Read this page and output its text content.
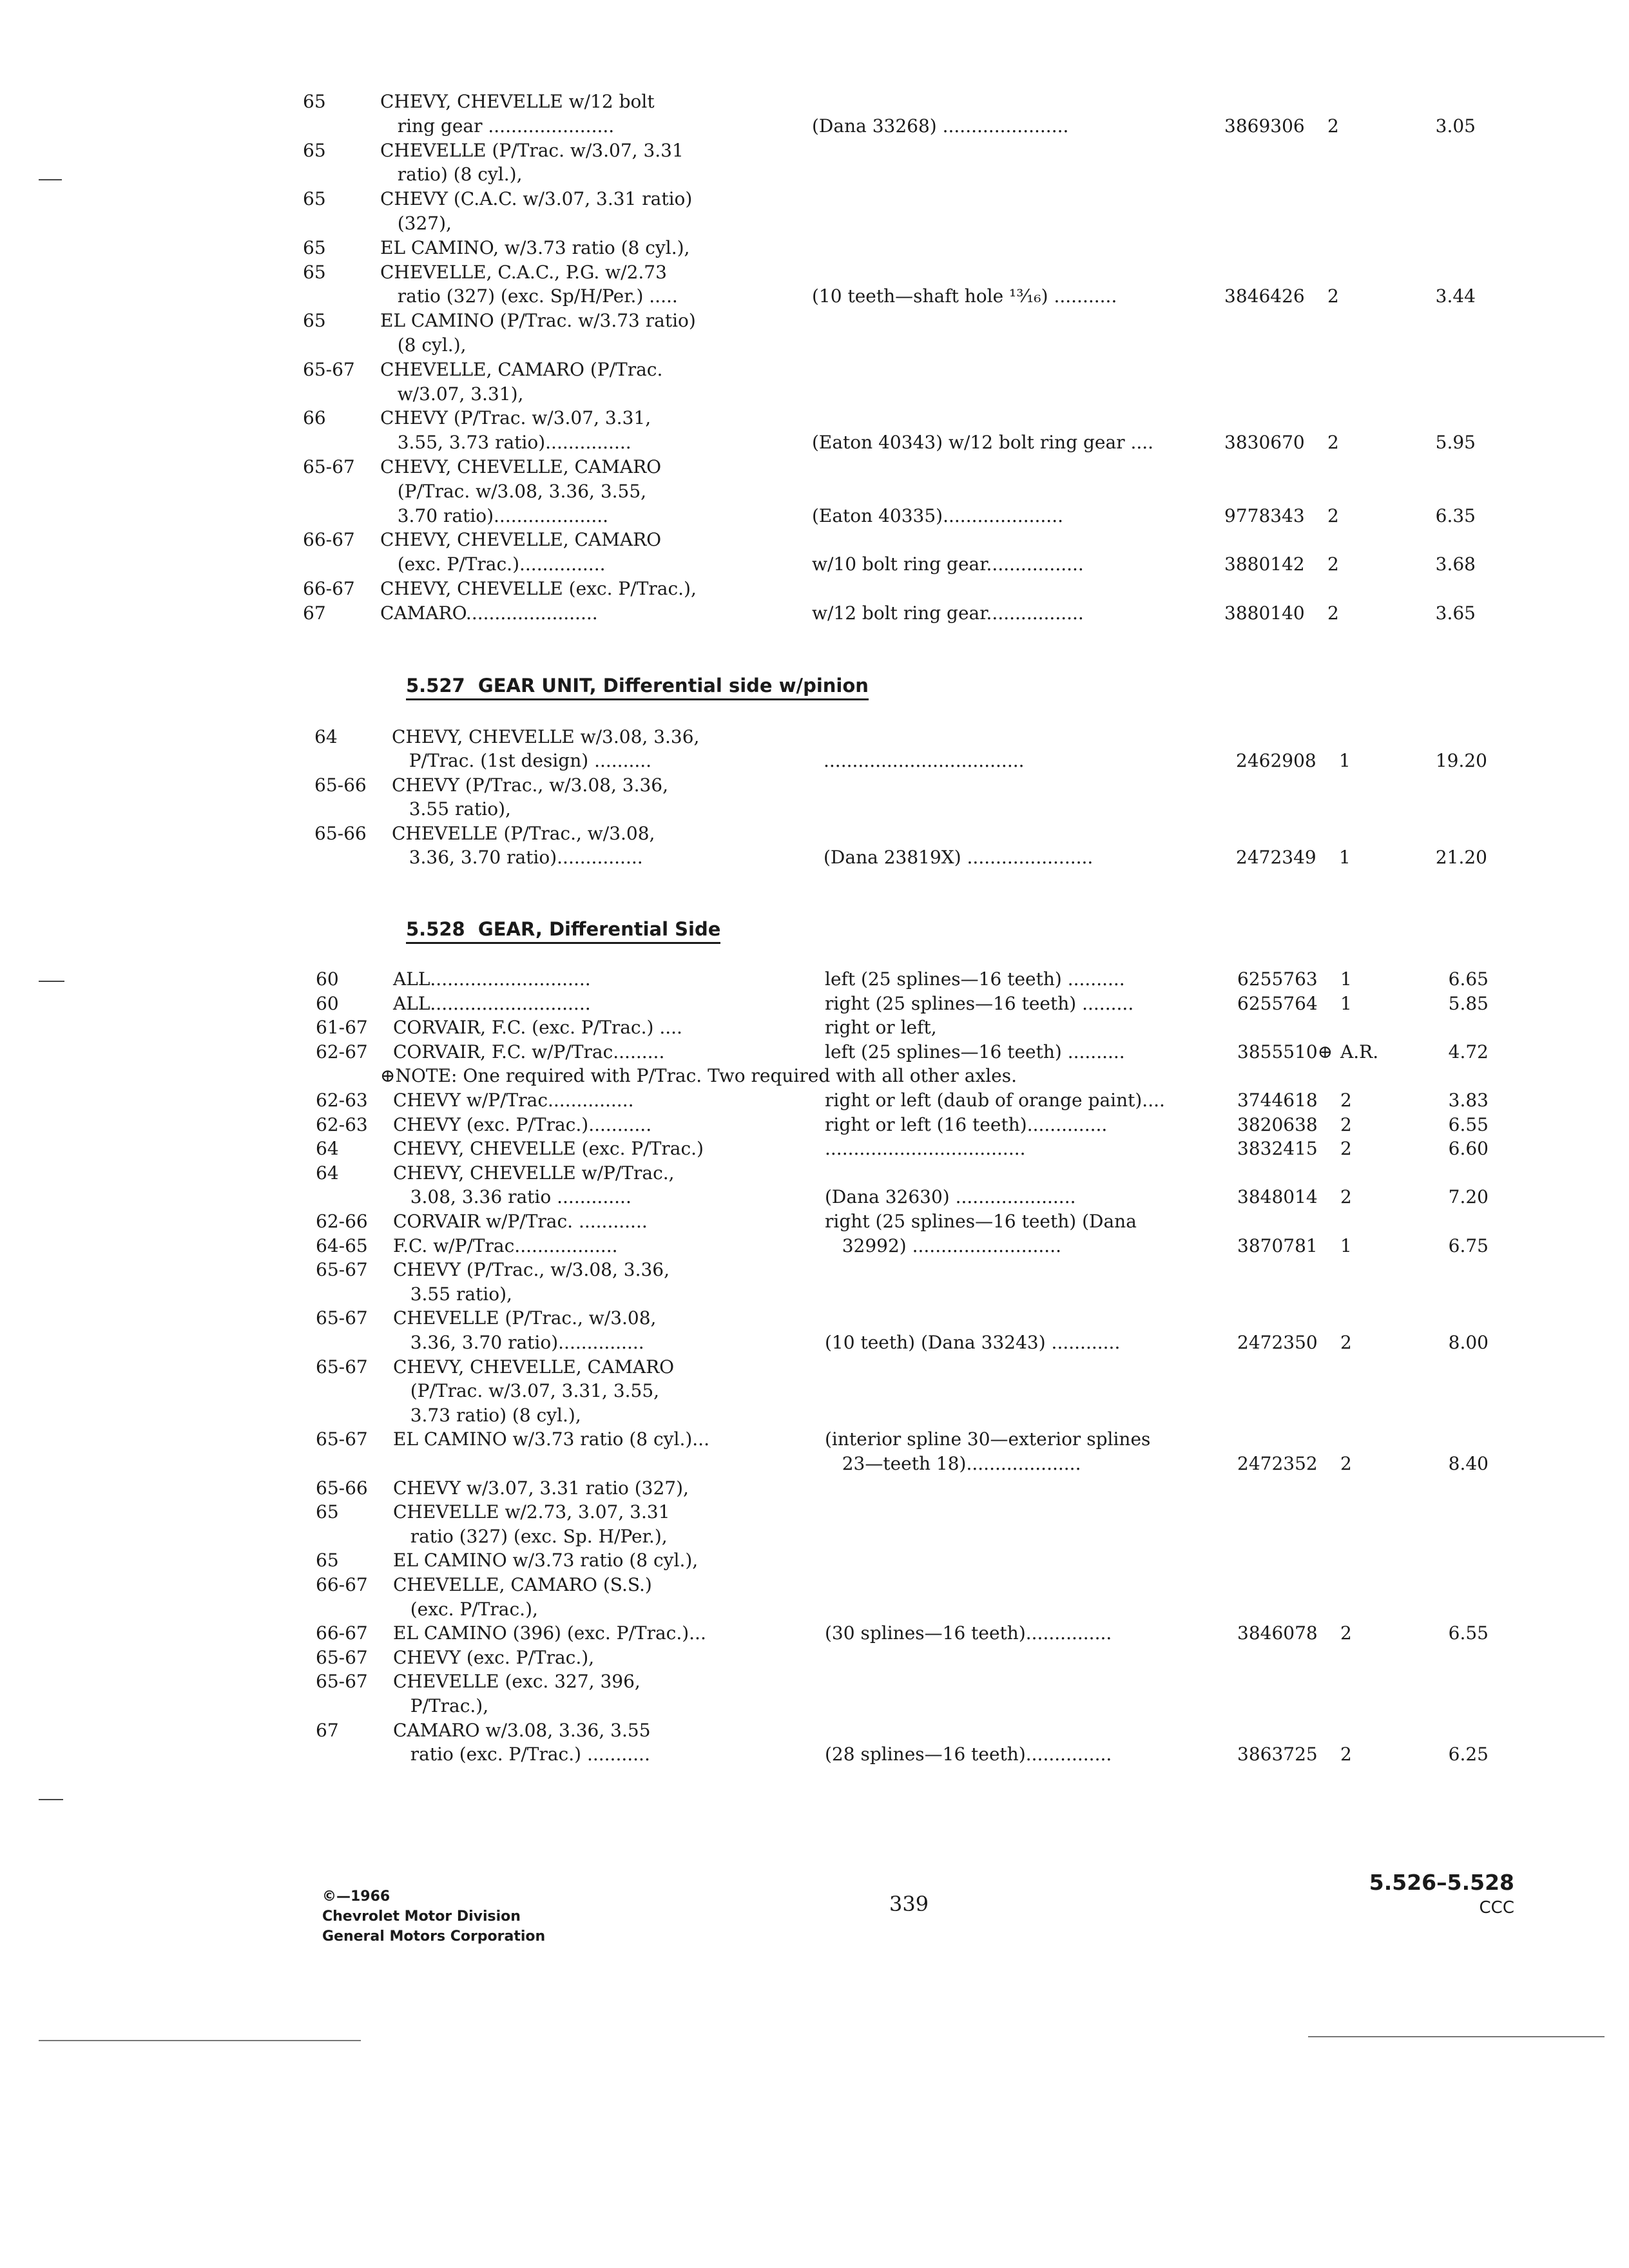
65	CHEVY, CHEVELLE w/12 bolt
ring gear ......................	(Dana 33268) ......................	3869306 2	3.05
65	CHEVELLE (P/Trac. w/3.07, 3.31
ratio) (8 cyl.),
65	CHEVY (C.A.C. w/3.07, 3.31 ratio)
(327),
65	EL CAMINO, w/3.73 ratio (8 cyl.),
65	CHEVELLE, C.A.C., P.G. w/2.73
ratio (327) (exc. Sp/H/Per.) .....	(10 teeth—shaft hole ¹³⁄₁₆) ...........	3846426 2	3.44
65	EL CAMINO (P/Trac. w/3.73 ratio)
(8 cyl.),
65-67	CHEVELLE, CAMARO (P/Trac.
w/3.07, 3.31),
66	CHEVY (P/Trac. w/3.07, 3.31,
3.55, 3.73 ratio)...............	(Eaton 40343) w/12 bolt ring gear ....	3830670 2	5.95
65-67	CHEVY, CHEVELLE, CAMARO
(P/Trac. w/3.08, 3.36, 3.55,
3.70 ratio)....................	(Eaton 40335).....................	9778343 2	6.35
66-67	CHEVY, CHEVELLE, CAMARO
(exc. P/Trac.)...............	w/10 bolt ring gear.................	3880142 2	3.68
66-67	CHEVY, CHEVELLE (exc. P/Trac.),
67	CAMARO.......................	w/12 bolt ring gear.................	3880140 2	3.65
5.527  GEAR UNIT, Differential side w/pinion
64	CHEVY, CHEVELLE w/3.08, 3.36,
P/Trac. (1st design) ..........	...................................	2462908 1	19.20
65-66	CHEVY (P/Trac., w/3.08, 3.36,
3.55 ratio),
65-66	CHEVELLE (P/Trac., w/3.08,
3.36, 3.70 ratio)...............	(Dana 23819X) ......................	2472349 1	21.20
5.528  GEAR, Differential Side
60	ALL............................	left (25 splines—16 teeth) ..........	6255763 1	6.65
60	ALL............................	right (25 splines—16 teeth) .........	6255764 1	5.85
61-67	CORVAIR, F.C. (exc. P/Trac.) ....	right or left,
62-67	CORVAIR, F.C. w/P/Trac.........	left (25 splines—16 teeth) ..........	3855510⊕ A.R.	4.72
⊕NOTE: One required with P/Trac. Two required with all other axles.
62-63	CHEVY w/P/Trac...............	right or left (daub of orange paint)....	3744618 2	3.83
62-63	CHEVY (exc. P/Trac.)...........	right or left (16 teeth)..............	3820638 2	6.55
64	CHEVY, CHEVELLE (exc. P/Trac.)	...................................	3832415 2	6.60
64	CHEVY, CHEVELLE w/P/Trac.,
3.08, 3.36 ratio .............	(Dana 32630) .....................	3848014 2	7.20
62-66	CORVAIR w/P/Trac. ............	right (25 splines—16 teeth) (Dana
64-65	F.C. w/P/Trac..................	32992) ..........................	3870781 1	6.75
65-67	CHEVY (P/Trac., w/3.08, 3.36,
3.55 ratio),
65-67	CHEVELLE (P/Trac., w/3.08,
3.36, 3.70 ratio)...............	(10 teeth) (Dana 33243) ............	2472350 2	8.00
65-67	CHEVY, CHEVELLE, CAMARO
(P/Trac. w/3.07, 3.31, 3.55,
3.73 ratio) (8 cyl.),
65-67	EL CAMINO w/3.73 ratio (8 cyl.)...	(interior spline 30—exterior splines
23—teeth 18)....................	2472352 2	8.40
65-66	CHEVY w/3.07, 3.31 ratio (327),
65	CHEVELLE w/2.73, 3.07, 3.31
ratio (327) (exc. Sp. H/Per.),
65	EL CAMINO w/3.73 ratio (8 cyl.),
66-67	CHEVELLE, CAMARO (S.S.)
(exc. P/Trac.),
66-67	EL CAMINO (396) (exc. P/Trac.)...	(30 splines—16 teeth)...............	3846078 2	6.55
65-67	CHEVY (exc. P/Trac.),
65-67	CHEVELLE (exc. 327, 396,
P/Trac.),
67	CAMARO w/3.08, 3.36, 3.55
ratio (exc. P/Trac.) ...........	(28 splines—16 teeth)...............	3863725 2	6.25
©—1966
Chevrolet Motor Division
General Motors Corporation
339
5.526–5.528
CCC
